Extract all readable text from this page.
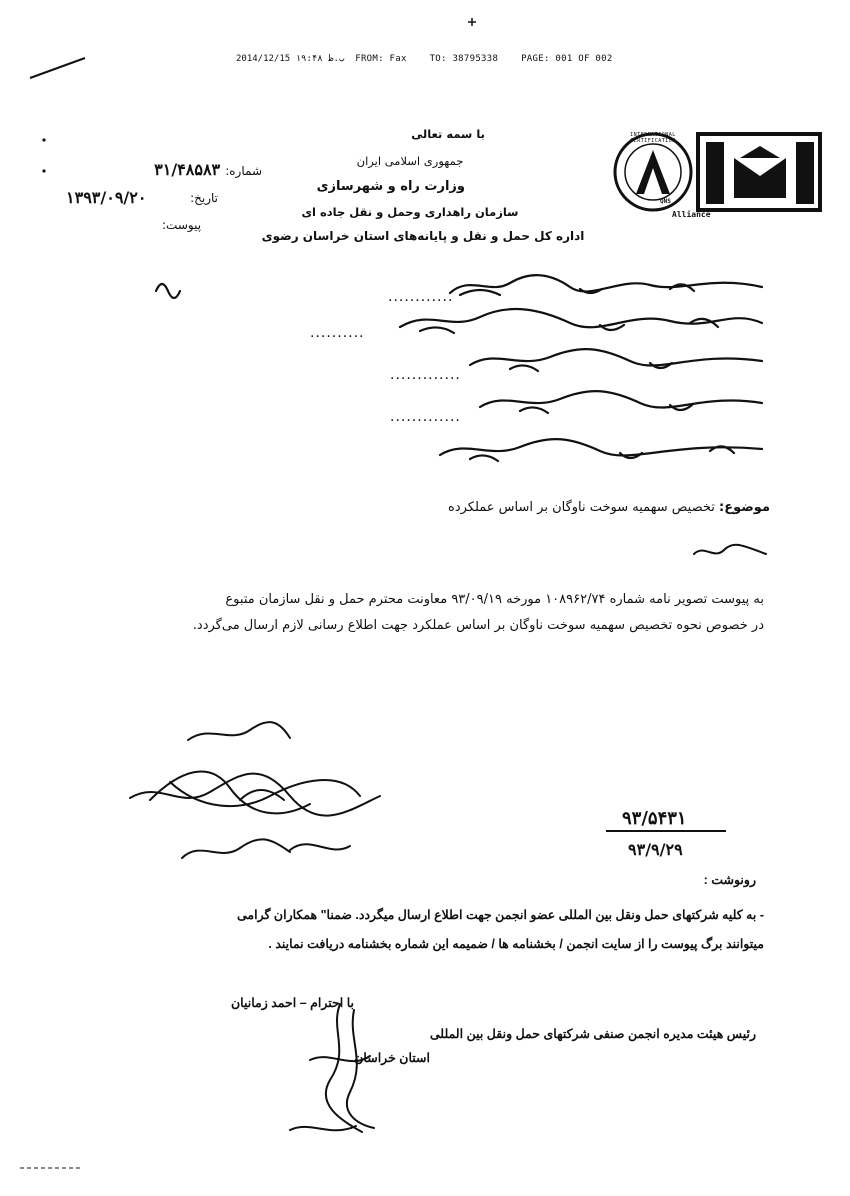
2014/12/15 ب.ظ ۱۹:۴۸ FROM: Fax	TO: 38795338	PAGE: 001 OF 002
با سمه تعالی
جمهوری اسلامی ایران
وزارت راه و شهرسازی
سازمان راهداری وحمل و نقل جاده ای
اداره کل حمل و نقل و پایانه‌های استان خراسان رضوی
INTERNATIONAL CERTIFICATION
QNS
Alliance
شماره: ۳۱/۴۸۵۸۳
تاریخ:
۱۳۹۳/۰۹/۲۰
پیوست:
............
..........
.............
.............
موضوع: تخصیص سهمیه سوخت ناوگان بر اساس عملکرده
به پیوست تصویر نامه شماره ۱۰۸۹۶۲/۷۴ مورخه ۹۳/۰۹/۱۹ معاونت محترم حمل و نقل سازمان متبوع
در خصوص نحوه تخصیص سهمیه سوخت ناوگان بر اساس عملکرد جهت اطلاع رسانی لازم ارسال می‌گردد.
۹۳/۵۴۳۱
۹۳/۹/۲۹
رونوشت :
- به کلیه شرکتهای حمل ونقل بین المللی عضو انجمن جهت اطلاع ارسال میگردد. ضمنا" همکاران گرامی
میتوانند برگ پیوست را از سایت انجمن / بخشنامه ها / ضمیمه این شماره بخشنامه دریافت نمایند .
با احترام – احمد زمانیان
رئیس هیئت مدیره انجمن صنفی شرکتهای حمل ونقل بین المللی
استان خراسان
